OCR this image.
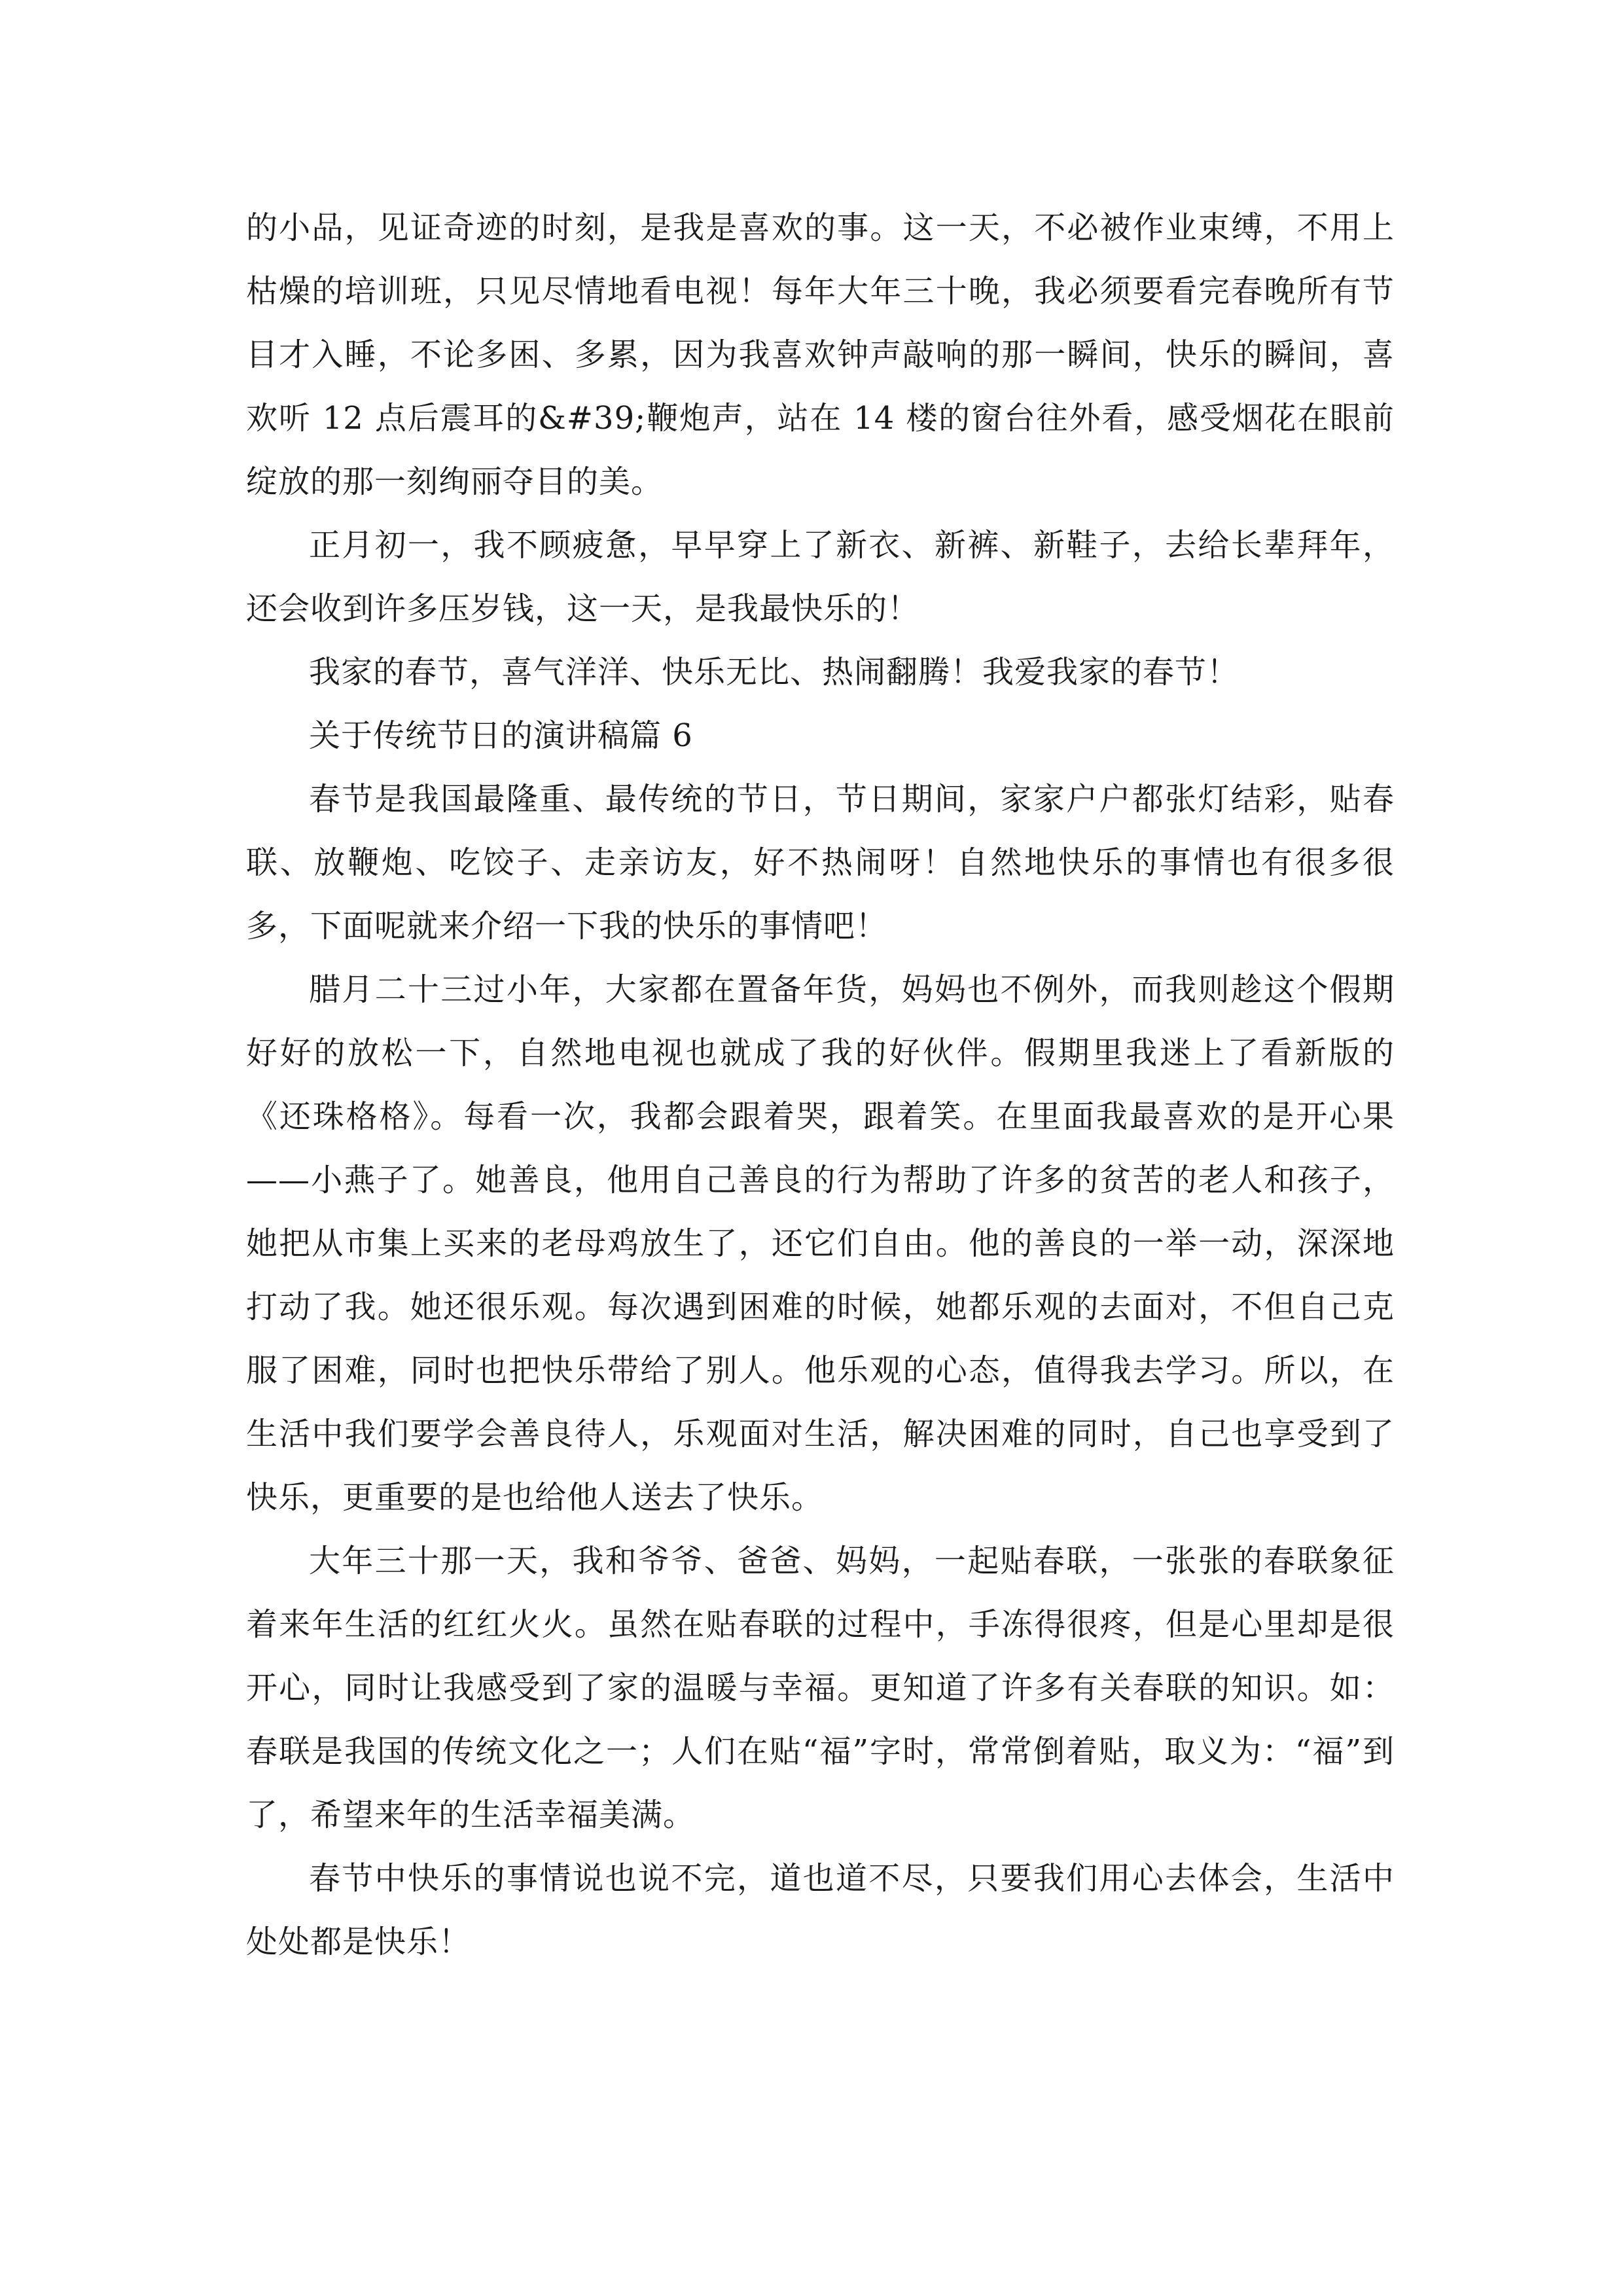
的小品，见证奇迹的时刻，是我是喜欢的事。这一天，不必被作业束缚，不用上枯燥的培训班，只见尽情地看电视！每年大年三十晚，我必须要看完春晚所有节目才入睡，不论多困、多累，因为我喜欢钟声敲响的那一瞬间，快乐的瞬间，喜欢听 12 点后震耳的&#39;鞭炮声，站在 14 楼的窗台往外看，感受烟花在眼前绽放的那一刻绚丽夺目的美。

正月初一，我不顾疲惫，早早穿上了新衣、新裤、新鞋子，去给长辈拜年，还会收到许多压岁钱，这一天，是我最快乐的！

我家的春节，喜气洋洋、快乐无比、热闹翻腾！我爱我家的春节！

关于传统节日的演讲稿篇 6

春节是我国最隆重、最传统的节日，节日期间，家家户户都张灯结彩，贴春联、放鞭炮、吃饺子、走亲访友，好不热闹呀！自然地快乐的事情也有很多很多，下面呢就来介绍一下我的快乐的事情吧！

腊月二十三过小年，大家都在置备年货，妈妈也不例外，而我则趁这个假期好好的放松一下，自然地电视也就成了我的好伙伴。假期里我迷上了看新版的《还珠格格》。每看一次，我都会跟着哭，跟着笑。在里面我最喜欢的是开心果——小燕子了。她善良，他用自己善良的行为帮助了许多的贫苦的老人和孩子，她把从市集上买来的老母鸡放生了，还它们自由。他的善良的一举一动，深深地打动了我。她还很乐观。每次遇到困难的时候，她都乐观的去面对，不但自己克服了困难，同时也把快乐带给了别人。他乐观的心态，值得我去学习。所以，在生活中我们要学会善良待人，乐观面对生活，解决困难的同时，自己也享受到了快乐，更重要的是也给他人送去了快乐。

大年三十那一天，我和爷爷、爸爸、妈妈，一起贴春联，一张张的春联象征着来年生活的红红火火。虽然在贴春联的过程中，手冻得很疼，但是心里却是很开心，同时让我感受到了家的温暖与幸福。更知道了许多有关春联的知识。如：春联是我国的传统文化之一；人们在贴“福”字时，常常倒着贴，取义为：“福”到了，希望来年的生活幸福美满。

春节中快乐的事情说也说不完，道也道不尽，只要我们用心去体会，生活中处处都是快乐！
